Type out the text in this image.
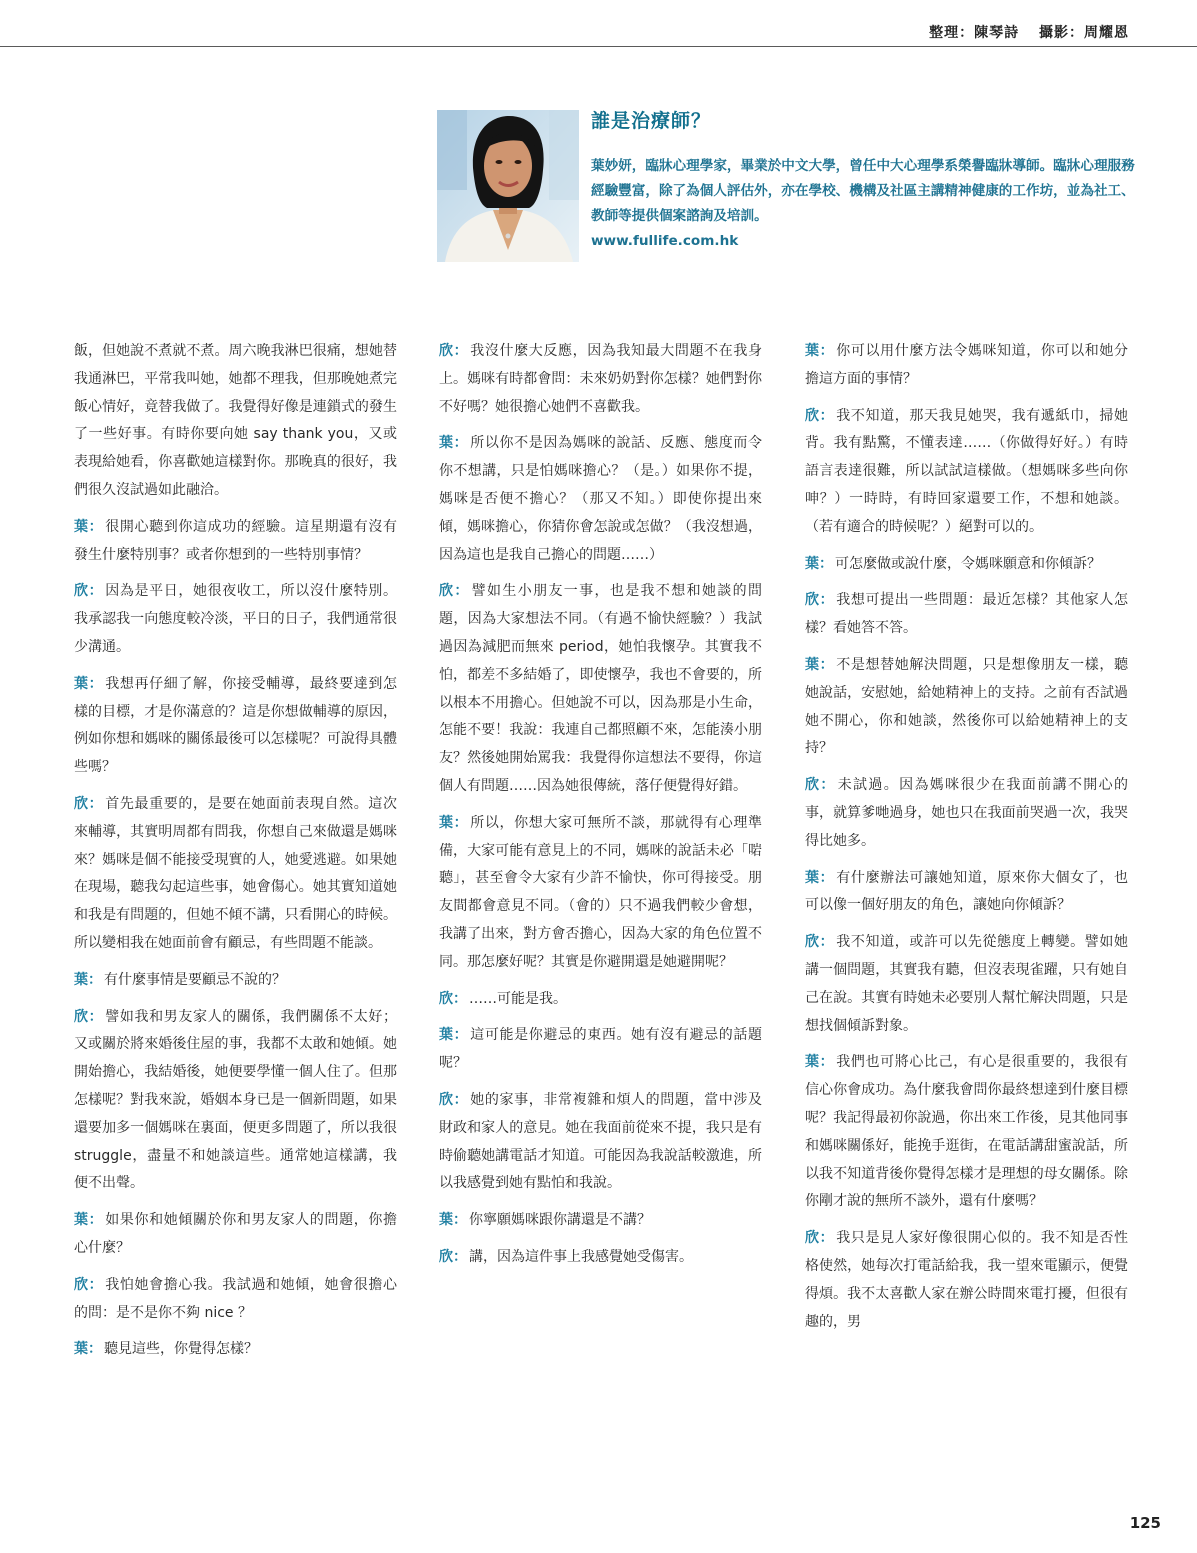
整理：陳琴詩 攝影：周耀恩
誰是治療師？
葉妙妍，臨牀心理學家，畢業於中文大學，曾任中大心理學系榮譽臨牀導師。臨牀心理服務經驗豐富，除了為個人評估外，亦在學校、機構及社區主講精神健康的工作坊，並為社工、教師等提供個案諮詢及培訓。
www.fullife.com.hk

飯，但她說不煮就不煮。周六晚我淋巴很痛，想她替我通淋巴，平常我叫她，她都不理我，但那晚她煮完飯心情好，竟替我做了。我覺得好像是連鎖式的發生了一些好事。有時你要向她 say thank you，又或表現給她看，你喜歡她這樣對你。那晚真的很好，我們很久沒試過如此融洽。

葉： 很開心聽到你這成功的經驗。這星期還有沒有發生什麼特別事？或者你想到的一些特別事情？

欣： 因為是平日，她很夜收工，所以沒什麼特別。我承認我一向態度較冷淡，平日的日子，我們通常很少溝通。

葉： 我想再仔細了解，你接受輔導，最終要達到怎樣的目標，才是你滿意的？這是你想做輔導的原因，例如你想和媽咪的關係最後可以怎樣呢？可說得具體些嗎？

欣： 首先最重要的，是要在她面前表現自然。這次來輔導，其實明周都有問我，你想自己來做還是媽咪來？媽咪是個不能接受現實的人，她愛逃避。如果她在現場，聽我勾起這些事，她會傷心。她其實知道她和我是有問題的，但她不傾不講，只看開心的時候。所以變相我在她面前會有顧忌，有些問題不能談。

葉： 有什麼事情是要顧忌不說的？

欣： 譬如我和男友家人的關係，我們關係不太好；又或關於將來婚後住屋的事，我都不太敢和她傾。她開始擔心，我結婚後，她便要學懂一個人住了。但那怎樣呢？對我來說，婚姻本身已是一個新問題，如果還要加多一個媽咪在裏面，便更多問題了，所以我很 struggle，盡量不和她談這些。通常她這樣講，我便不出聲。

葉： 如果你和她傾關於你和男友家人的問題，你擔心什麼？

欣： 我怕她會擔心我。我試過和她傾，她會很擔心的問：是不是你不夠 nice ？

葉： 聽見這些，你覺得怎樣？

欣： 我沒什麼大反應，因為我知最大問題不在我身上。媽咪有時都會問：未來奶奶對你怎樣？她們對你不好嗎？她很擔心她們不喜歡我。

葉： 所以你不是因為媽咪的說話、反應、態度而令你不想講，只是怕媽咪擔心？（是。）如果你不提，媽咪是否便不擔心？（那又不知。）即使你提出來傾，媽咪擔心，你猜你會怎說或怎做？（我沒想過，因為這也是我自己擔心的問題……）

欣： 譬如生小朋友一事，也是我不想和她談的問題，因為大家想法不同。（有過不愉快經驗？）我試過因為減肥而無來 period，她怕我懷孕。其實我不怕，都差不多結婚了，即使懷孕，我也不會要的，所以根本不用擔心。但她說不可以，因為那是小生命，怎能不要！我說：我連自己都照顧不來，怎能湊小朋友？然後她開始罵我：我覺得你這想法不要得，你這個人有問題……因為她很傳統，落仔便覺得好錯。

葉： 所以，你想大家可無所不談，那就得有心理準備，大家可能有意見上的不同，媽咪的說話未必「啱聽」，甚至會令大家有少許不愉快，你可得接受。朋友間都會意見不同。（會的）只不過我們較少會想，我講了出來，對方會否擔心，因為大家的角色位置不同。那怎麼好呢？其實是你避開還是她避開呢？

欣： ……可能是我。

葉： 這可能是你避忌的東西。她有沒有避忌的話題呢？

欣： 她的家事，非常複雜和煩人的問題，當中涉及財政和家人的意見。她在我面前從來不提，我只是有時偷聽她講電話才知道。可能因為我說話較激進，所以我感覺到她有點怕和我說。

葉： 你寧願媽咪跟你講還是不講？

欣： 講，因為這件事上我感覺她受傷害。

葉： 你可以用什麼方法令媽咪知道，你可以和她分擔這方面的事情？

欣： 我不知道，那天我見她哭，我有遞紙巾，掃她背。我有點驚，不懂表達……（你做得好好。）有時語言表達很難，所以試試這樣做。（想媽咪多些向你呻？）一時時，有時回家還要工作，不想和她談。（若有適合的時候呢？）絕對可以的。

葉： 可怎麼做或說什麼，令媽咪願意和你傾訴？

欣： 我想可提出一些問題：最近怎樣？其他家人怎樣？看她答不答。

葉： 不是想替她解決問題，只是想像朋友一樣，聽她說話，安慰她，給她精神上的支持。之前有否試過她不開心，你和她談，然後你可以給她精神上的支持？

欣： 未試過。因為媽咪很少在我面前講不開心的事，就算爹哋過身，她也只在我面前哭過一次，我哭得比她多。

葉： 有什麼辦法可讓她知道，原來你大個女了，也可以像一個好朋友的角色，讓她向你傾訴？

欣： 我不知道，或許可以先從態度上轉變。譬如她講一個問題，其實我有聽，但沒表現雀躍，只有她自己在說。其實有時她未必要別人幫忙解決問題，只是想找個傾訴對象。

葉： 我們也可將心比己，有心是很重要的，我很有信心你會成功。為什麼我會問你最終想達到什麼目標呢？我記得最初你說過，你出來工作後，見其他同事和媽咪關係好，能挽手逛街，在電話講甜蜜說話，所以我不知道背後你覺得怎樣才是理想的母女關係。除你剛才說的無所不談外，還有什麼嗎？

欣： 我只是見人家好像很開心似的。我不知是否性格使然，她每次打電話給我，我一望來電顯示，便覺得煩。我不太喜歡人家在辦公時間來電打擾，但很有趣的，男

125
